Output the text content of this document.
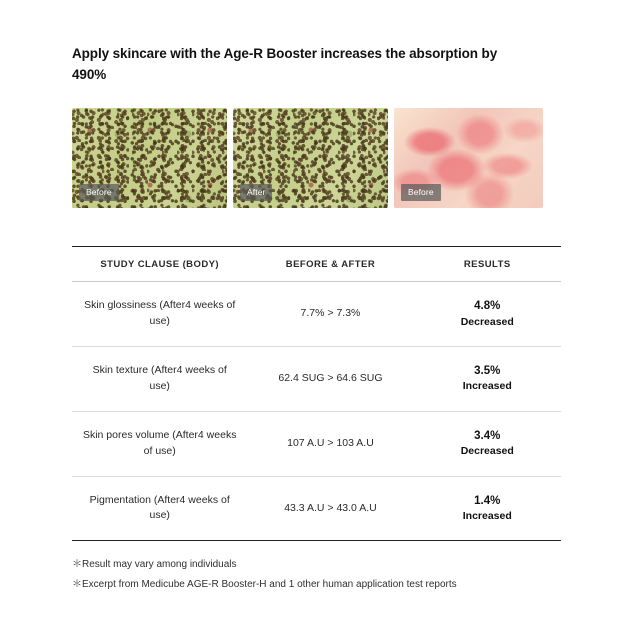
Apply skincare with the Age-R Booster increases the absorption by 490%
Before	After	Before
STUDY CLAUSE (BODY)	BEFORE & AFTER	RESULTS
Skin glossiness (After4 weeks of use)	7.7% > 7.3%	4.8%
Decreased

Skin texture (After4 weeks of use)	62.4 SUG > 64.6 SUG	3.5%
Increased

Skin pores volume (After4 weeks of use)	107 A.U > 103 A.U	3.4%
Decreased

Pigmentation (After4 weeks of use)	43.3 A.U > 43.0 A.U	1.4%
Increased
＊Result may vary among individuals
＊Excerpt from Medicube AGE-R Booster-H and 1 other human application test reports
